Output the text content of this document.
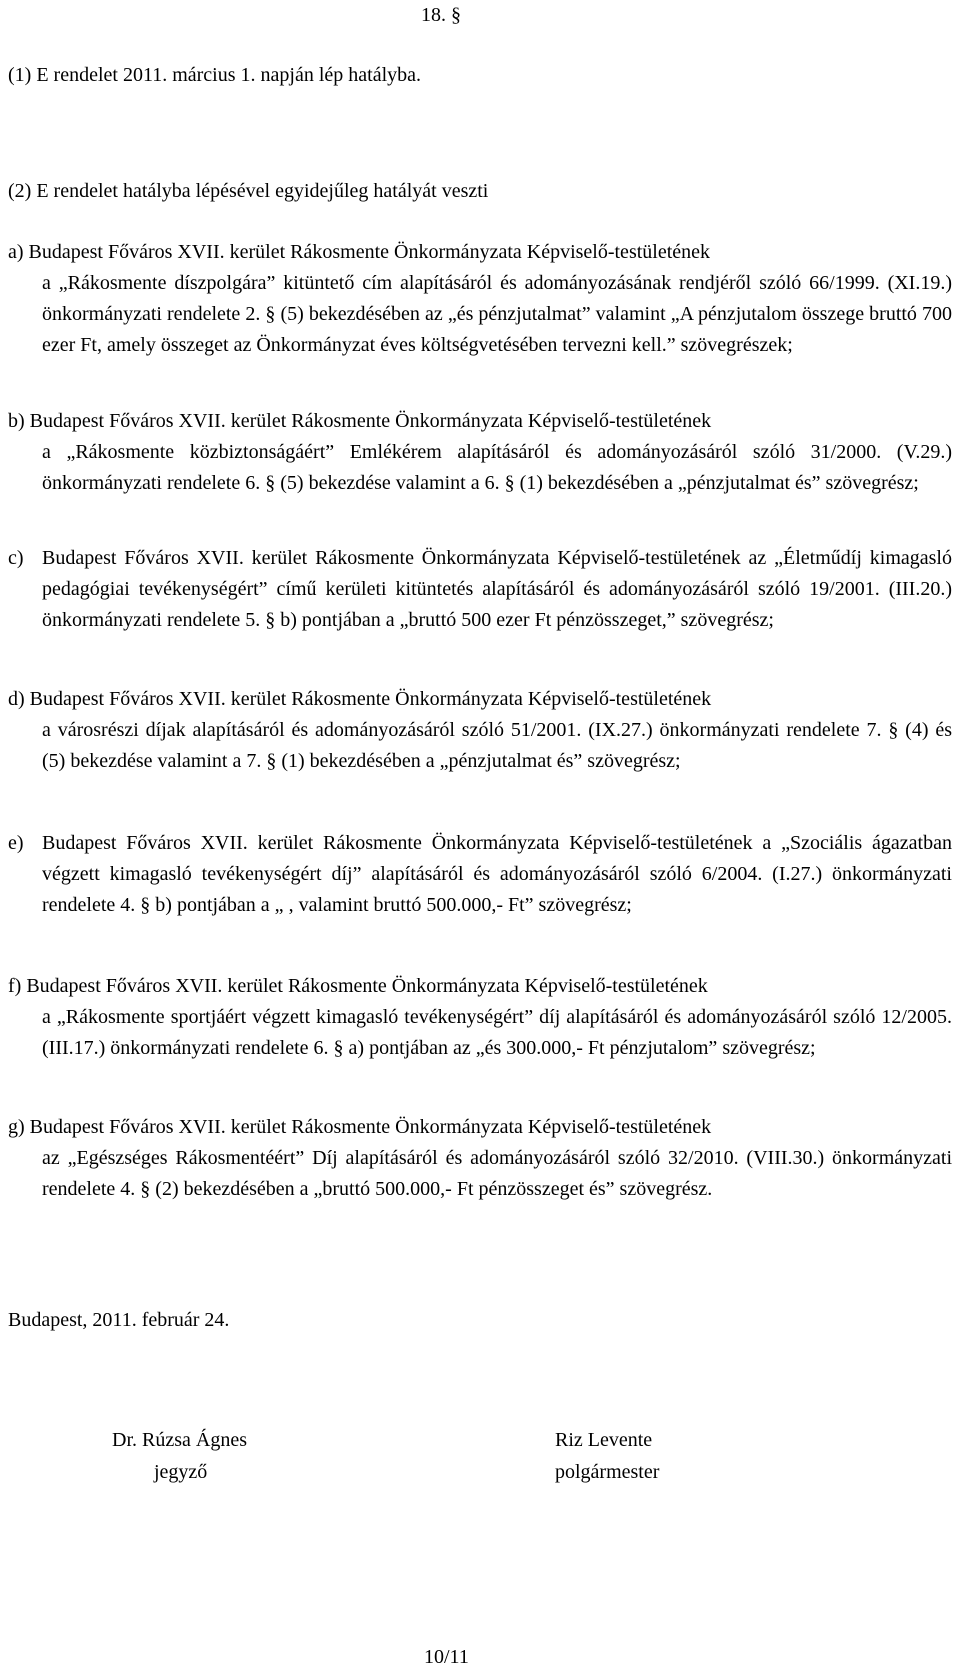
18. §
(1) E rendelet 2011. március 1. napján lép hatályba.
(2) E rendelet hatályba lépésével egyidejűleg hatályát veszti
a) Budapest Főváros XVII. kerület Rákosmente Önkormányzata Képviselő-testületének
a „Rákosmente díszpolgára” kitüntető cím alapításáról és adományozásának rendjéről szóló 66/1999. (XI.19.) önkormányzati rendelete 2. § (5) bekezdésében az „és pénzjutalmat” valamint „A pénzjutalom összege bruttó 700 ezer Ft, amely összeget az Önkormányzat éves költségvetésében tervezni kell.” szövegrészek;
b) Budapest Főváros XVII. kerület Rákosmente Önkormányzata Képviselő-testületének
a „Rákosmente közbiztonságáért” Emlékérem alapításáról és adományozásáról szóló 31/2000. (V.29.) önkormányzati rendelete 6. § (5) bekezdése valamint a 6. § (1) bekezdésében a „pénzjutalmat és” szövegrész;
c) Budapest Főváros XVII. kerület Rákosmente Önkormányzata Képviselő-testületének az „Életműdíj kimagasló pedagógiai tevékenységért” című kerületi kitüntetés alapításáról és adományozásáról szóló 19/2001. (III.20.) önkormányzati rendelete 5. § b) pontjában a „bruttó 500 ezer Ft pénzösszeget,” szövegrész;
d) Budapest Főváros XVII. kerület Rákosmente Önkormányzata Képviselő-testületének
a városrészi díjak alapításáról és adományozásáról szóló 51/2001. (IX.27.) önkormányzati rendelete 7. § (4) és (5) bekezdése valamint a 7. § (1) bekezdésében a „pénzjutalmat és” szövegrész;
e) Budapest Főváros XVII. kerület Rákosmente Önkormányzata Képviselő-testületének a „Szociális ágazatban végzett kimagasló tevékenységért díj” alapításáról és adományozásáról szóló 6/2004. (I.27.) önkormányzati rendelete 4. § b) pontjában a „ , valamint bruttó 500.000,- Ft” szövegrész;
f) Budapest Főváros XVII. kerület Rákosmente Önkormányzata Képviselő-testületének
a „Rákosmente sportjáért végzett kimagasló tevékenységért” díj alapításáról és adományozásáról szóló 12/2005. (III.17.) önkormányzati rendelete 6. § a) pontjában az „és 300.000,- Ft pénzjutalom” szövegrész;
g) Budapest Főváros XVII. kerület Rákosmente Önkormányzata Képviselő-testületének
az „Egészséges Rákosmentéért” Díj alapításáról és adományozásáról szóló 32/2010. (VIII.30.) önkormányzati rendelete 4. § (2) bekezdésében a „bruttó 500.000,- Ft pénzösszeget és” szövegrész.
Budapest, 2011. február 24.
Dr. Rúzsa Ágnes
jegyző
Riz Levente
polgármester
10/11
